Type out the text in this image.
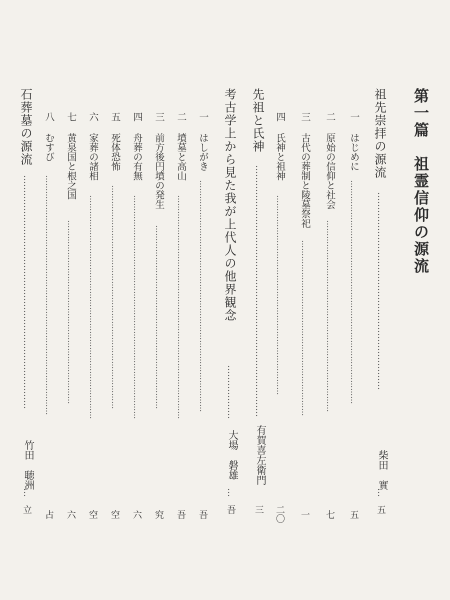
第一篇　祖霊信仰の源流
祖先崇拝の源流
…………………………………………………………
柴田　實
…
五
一 はじめに
…………………………………………………………………………
五
二 原始の信仰と社会
………………………………………………………………
七
三 古代の葬制と陵墓祭祀
…………………………………………………………
一
四 氏神と祖神
…………………………………………………………………
二〇
先祖と氏神
…………………………………………………………………………
有賀喜左衛門
三
考古学上から見た我が上代人の他界観念
………………
大場　磐雄
…
吾
一 はしがき
……………………………………………………………………………
吾
二 墳墓と高山
…………………………………………………………………………
吾
三 前方後円墳の発生
……………………………………………………………
究
四 舟葬の有無
…………………………………………………………………………
六
五 死体恐怖
…………………………………………………………………………
空
六 家葬の諸相
…………………………………………………………………………
空
七 黄泉国と根之国
……………………………………………………………
六
八 むすび
………………………………………………………………………………
占
石葬墓の源流
……………………………………………………………………
竹田　聴洲
…
立
